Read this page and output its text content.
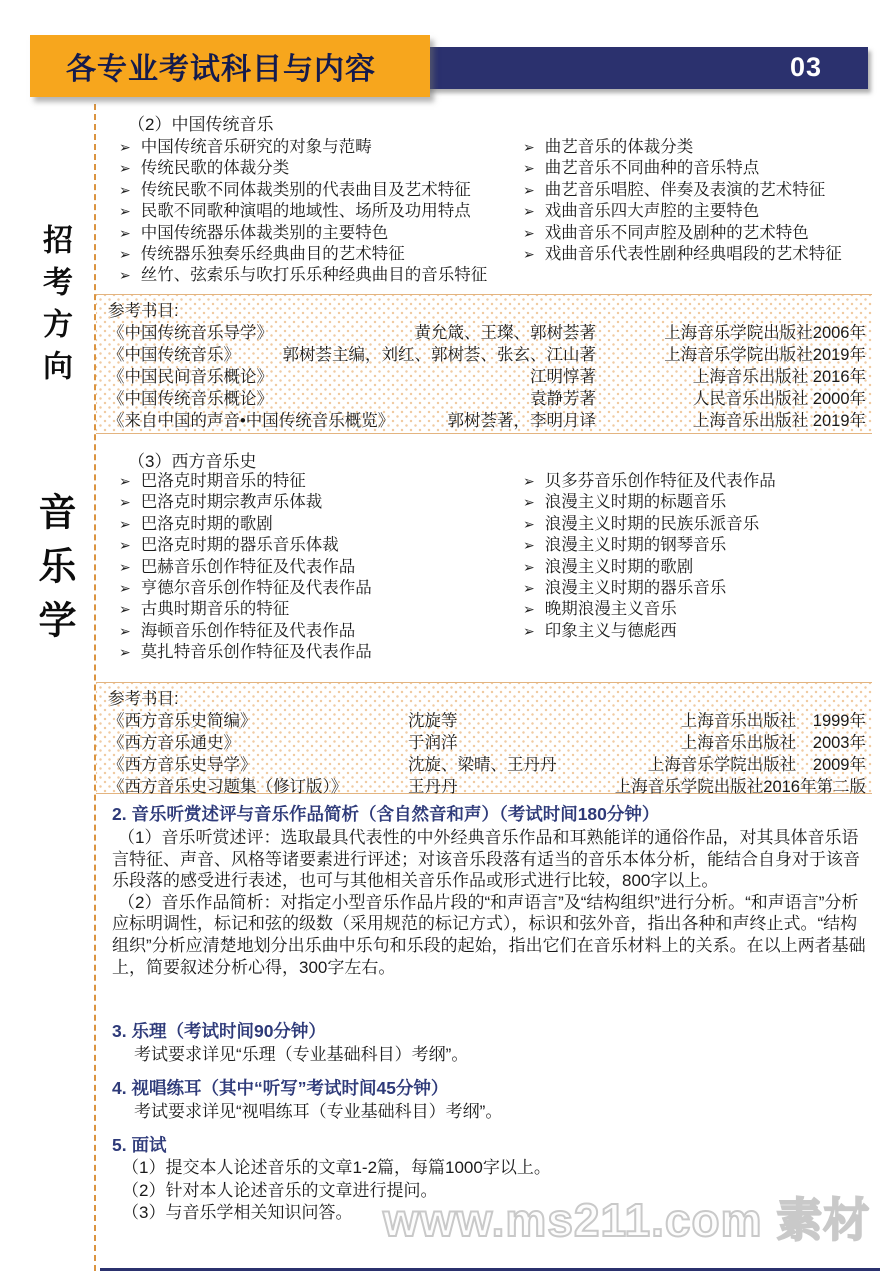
03
各专业考试科目与内容
招考方向
音乐学
（2）中国传统音乐
➢ 中国传统音乐研究的对象与范畴
➢ 传统民歌的体裁分类
➢ 传统民歌不同体裁类别的代表曲目及艺术特征
➢ 民歌不同歌种演唱的地域性、场所及功用特点
➢ 中国传统器乐体裁类别的主要特色
➢ 传统器乐独奏乐经典曲目的艺术特征
➢ 丝竹、弦索乐与吹打乐乐种经典曲目的音乐特征
➢ 曲艺音乐的体裁分类
➢ 曲艺音乐不同曲种的音乐特点
➢ 曲艺音乐唱腔、伴奏及表演的艺术特征
➢ 戏曲音乐四大声腔的主要特色
➢ 戏曲音乐不同声腔及剧种的艺术特色
➢ 戏曲音乐代表性剧种经典唱段的艺术特征
参考书目:
《中国传统音乐导学》	黄允箴、王璨、郭树荟著	上海音乐学院出版社2006年
《中国传统音乐》	郭树荟主编，刘红、郭树荟、张玄、江山著	上海音乐学院出版社2019年
《中国民间音乐概论》	江明惇著	上海音乐出版社 2016年
《中国传统音乐概论》	袁静芳著	人民音乐出版社 2000年
《来自中国的声音•中国传统音乐概览》	郭树荟著，李明月译	上海音乐出版社 2019年
（3）西方音乐史
➢ 巴洛克时期音乐的特征
➢ 巴洛克时期宗教声乐体裁
➢ 巴洛克时期的歌剧
➢ 巴洛克时期的器乐音乐体裁
➢ 巴赫音乐创作特征及代表作品
➢ 亨德尔音乐创作特征及代表作品
➢ 古典时期音乐的特征
➢ 海顿音乐创作特征及代表作品
➢ 莫扎特音乐创作特征及代表作品
➢ 贝多芬音乐创作特征及代表作品
➢ 浪漫主义时期的标题音乐
➢ 浪漫主义时期的民族乐派音乐
➢ 浪漫主义时期的钢琴音乐
➢ 浪漫主义时期的歌剧
➢ 浪漫主义时期的器乐音乐
➢ 晚期浪漫主义音乐
➢ 印象主义与德彪西
参考书目:
《西方音乐史简编》	沈旋等	上海音乐出版社　1999年
《西方音乐通史》	于润洋	上海音乐出版社　2003年
《西方音乐史导学》	沈旋、梁晴、王丹丹	上海音乐学院出版社　2009年
《西方音乐史习题集（修订版）》	王丹丹	上海音乐学院出版社2016年第二版
2. 音乐听赏述评与音乐作品简析（含自然音和声）（考试时间180分钟）

（1）音乐听赏述评：选取最具代表性的中外经典音乐作品和耳熟能详的通俗作品，对其具体音乐语言特征、声音、风格等诸要素进行评述；对该音乐段落有适当的音乐本体分析，能结合自身对于该音乐段落的感受进行表述，也可与其他相关音乐作品或形式进行比较，800字以上。

（2）音乐作品简析：对指定小型音乐作品片段的“和声语言”及“结构组织”进行分析。“和声语言”分析应标明调性，标记和弦的级数（采用规范的标记方式），标识和弦外音，指出各种和声终止式。“结构组织”分析应清楚地划分出乐曲中乐句和乐段的起始，指出它们在音乐材料上的关系。在以上两者基础上，简要叙述分析心得，300字左右。

3. 乐理（考试时间90分钟）

考试要求详见“乐理（专业基础科目）考纲”。

4. 视唱练耳（其中“听写”考试时间45分钟）

考试要求详见“视唱练耳（专业基础科目）考纲”。

5. 面试

（1）提交本人论述音乐的文章1-2篇，每篇1000字以上。

（2）针对本人论述音乐的文章进行提问。

（3）与音乐学相关知识问答。 www.ms211.com 素材
